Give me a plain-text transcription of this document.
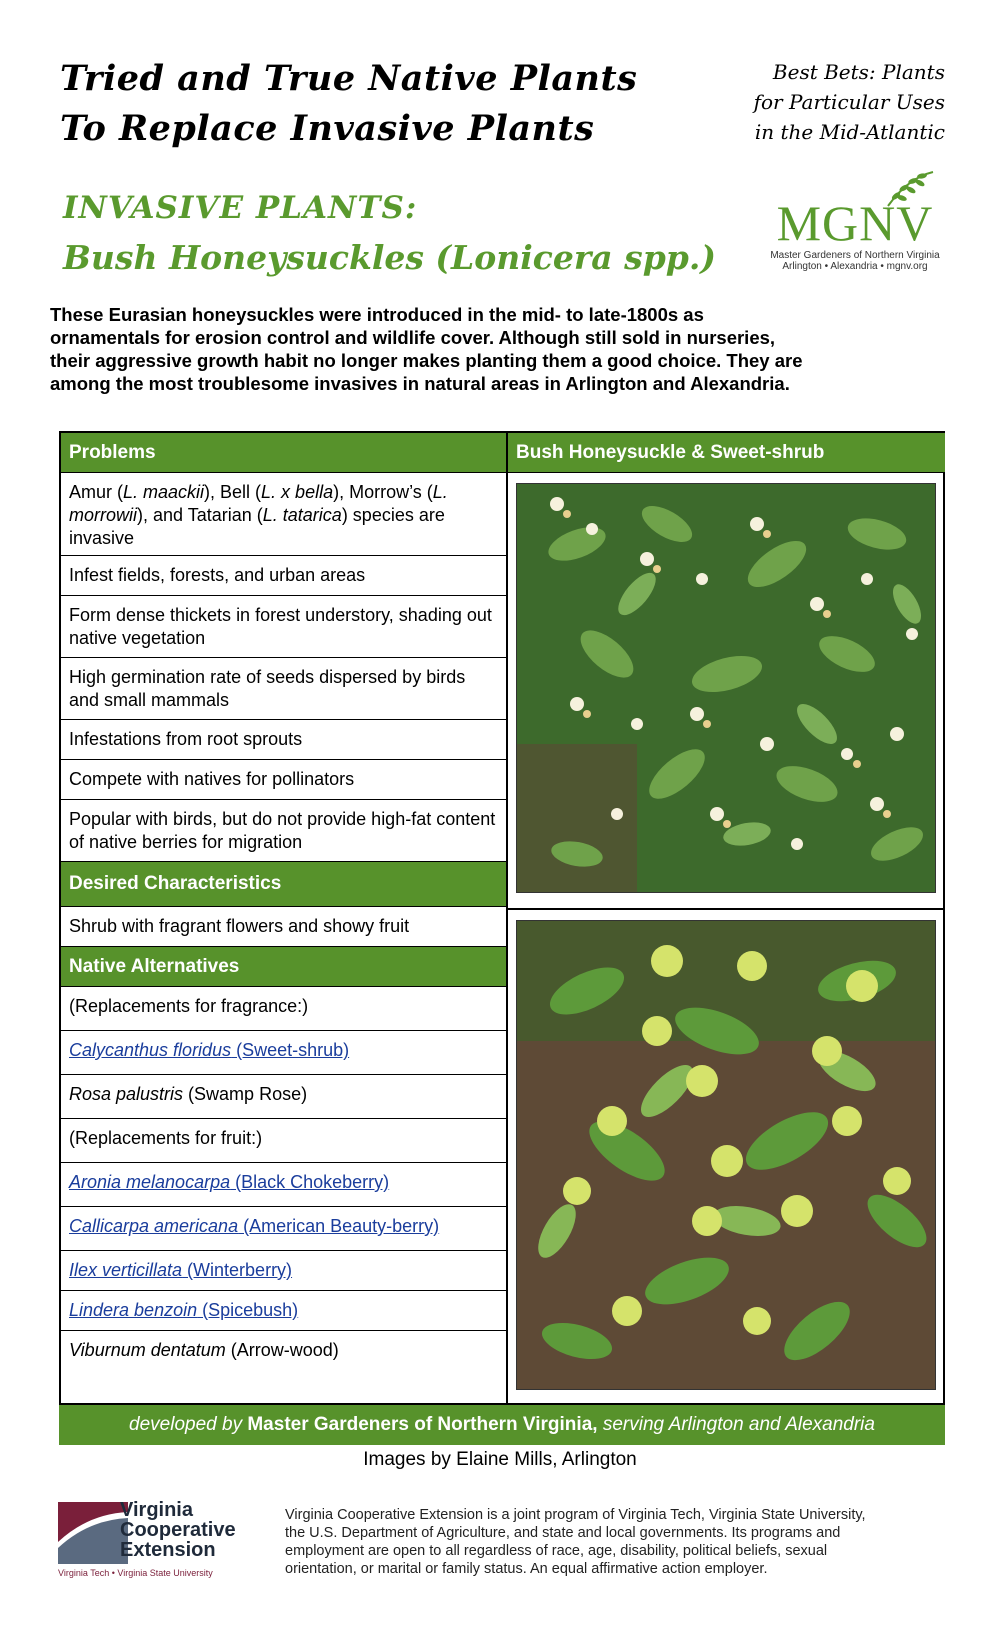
Tried and True Native Plants
To Replace Invasive Plants
Best Bets: Plants
for Particular Uses
in the Mid-Atlantic
INVASIVE PLANTS:
Bush Honeysuckles (Lonicera spp.)
MGNV
Master Gardeners of Northern Virginia
Arlington • Alexandria • mgnv.org
These Eurasian honeysuckles were introduced in the mid- to late-1800s as
ornamentals for erosion control and wildlife cover. Although still sold in nurseries,
their aggressive growth habit no longer makes planting them a good choice. They are
among the most troublesome invasives in natural areas in Arlington and Alexandria.
Problems	Bush Honeysuckle & Sweet-shrub
Amur (L. maackii), Bell (L. x bella), Morrow’s (L. morrowii), and Tatarian (L. tatarica) species are invasive
Infest fields, forests, and urban areas
Form dense thickets in forest understory, shading out native vegetation
High germination rate of seeds dispersed by birds and small mammals
Infestations from root sprouts
Compete with natives for pollinators
Popular with birds, but do not provide high-fat content of native berries for migration
Desired Characteristics
Shrub with fragrant flowers and showy fruit
Native Alternatives
(Replacements for fragrance:)
Calycanthus floridus (Sweet-shrub)
Rosa palustris (Swamp Rose)
(Replacements for fruit:)
Aronia melanocarpa (Black Chokeberry)
Callicarpa americana (American Beauty-berry)
Ilex verticillata (Winterberry)
Lindera benzoin (Spicebush)
Viburnum dentatum (Arrow-wood)
developed by Master Gardeners of Northern Virginia, serving Arlington and Alexandria
Images by Elaine Mills, Arlington
Virginia
Cooperative
Extension
Virginia Tech • Virginia State University
Virginia Cooperative Extension is a joint program of Virginia Tech, Virginia State University,
the U.S. Department of Agriculture, and state and local governments. Its programs and
employment are open to all regardless of race, age, disability, political beliefs, sexual
orientation, or marital or family status. An equal affirmative action employer.
